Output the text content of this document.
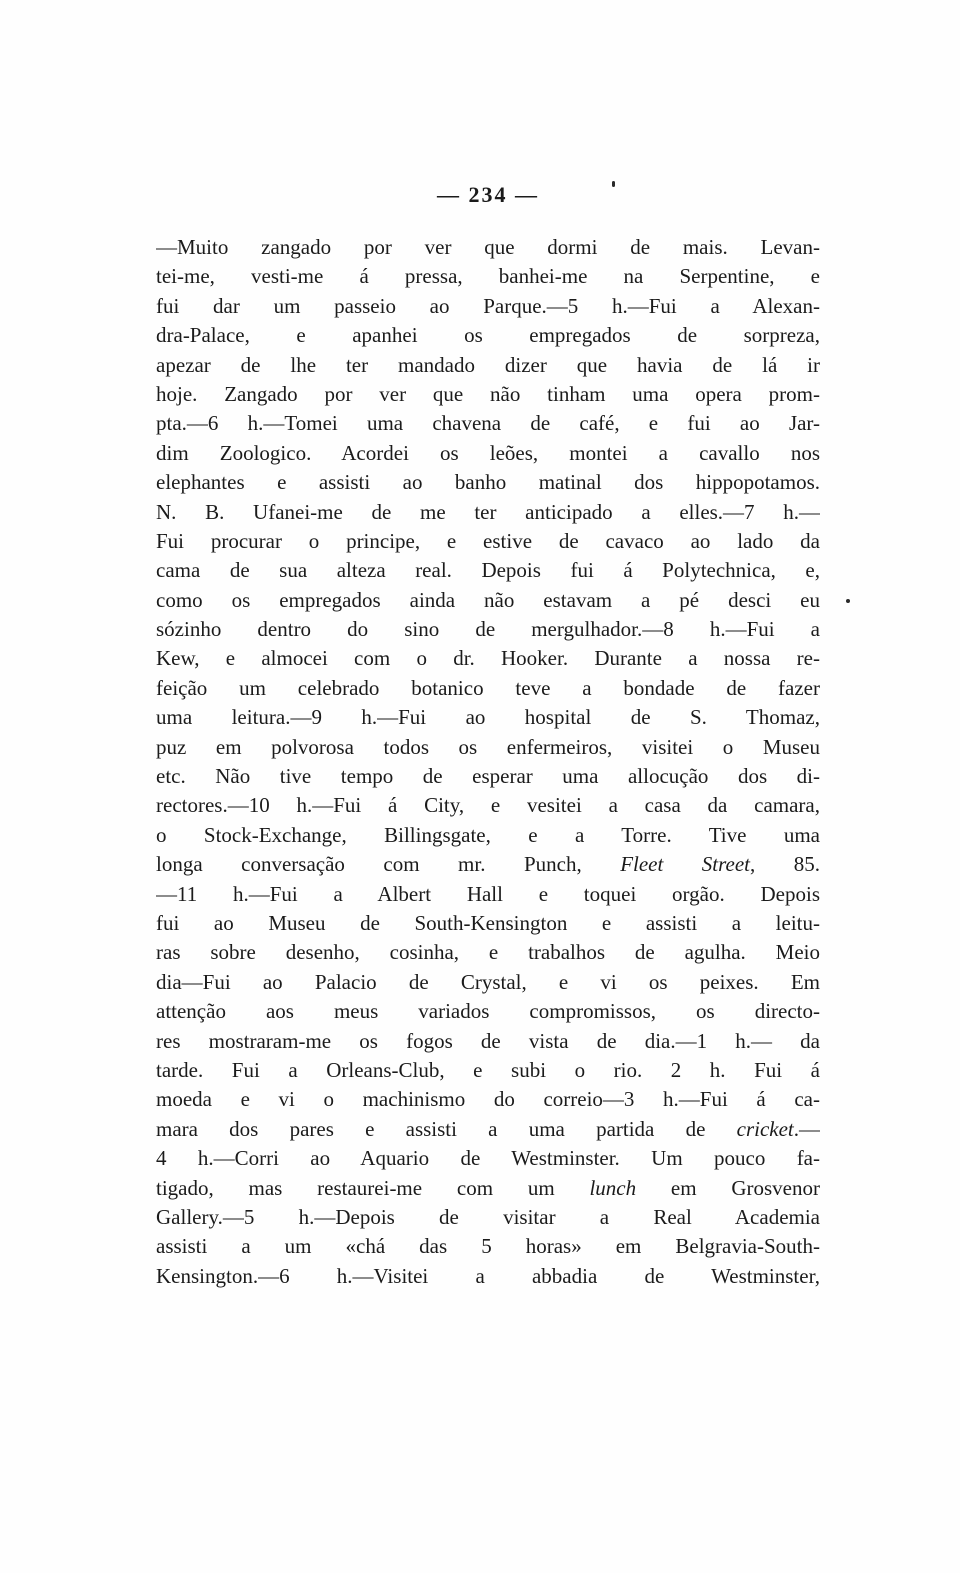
— 234 —
—Muito zangado por ver que dormi de mais. Levan-
tei-me, vesti-me á pressa, banhei-me na Serpentine, e
fui dar um passeio ao Parque.—5 h.—Fui a Alexan-
dra-Palace, e apanhei os empregados de sorpreza,
apezar de lhe ter mandado dizer que havia de lá ir
hoje. Zangado por ver que não tinham uma opera prom-
pta.—6 h.—Tomei uma chavena de café, e fui ao Jar-
dim Zoologico. Acordei os leões, montei a cavallo nos
elephantes e assisti ao banho matinal dos hippopotamos.
N. B. Ufanei-me de me ter anticipado a elles.—7 h.—
Fui procurar o principe, e estive de cavaco ao lado da
cama de sua alteza real. Depois fui á Polytechnica, e,
como os empregados ainda não estavam a pé desci eu
sózinho dentro do sino de mergulhador.—8 h.—Fui a
Kew, e almocei com o dr. Hooker. Durante a nossa re-
feição um celebrado botanico teve a bondade de fazer
uma leitura.—9 h.—Fui ao hospital de S. Thomaz,
puz em polvorosa todos os enfermeiros, visitei o Museu
etc. Não tive tempo de esperar uma allocução dos di-
rectores.—10 h.—Fui á City, e vesitei a casa da camara,
o Stock-Exchange, Billingsgate, e a Torre. Tive uma
longa conversação com mr. Punch, Fleet Street, 85.
—11 h.—Fui a Albert Hall e toquei orgão. Depois
fui ao Museu de South-Kensington e assisti a leitu-
ras sobre desenho, cosinha, e trabalhos de agulha. Meio
dia—Fui ao Palacio de Crystal, e vi os peixes. Em
attenção aos meus variados compromissos, os directo-
res mostraram-me os fogos de vista de dia.—1 h.— da
tarde. Fui a Orleans-Club, e subi o rio. 2 h. Fui á
moeda e vi o machinismo do correio—3 h.—Fui á ca-
mara dos pares e assisti a uma partida de cricket.—
4 h.—Corri ao Aquario de Westminster. Um pouco fa-
tigado, mas restaurei-me com um lunch em Grosvenor
Gallery.—5 h.—Depois de visitar a Real Academia
assisti a um «chá das 5 horas» em Belgravia-South-
Kensington.—6 h.—Visitei a abbadia de Westminster,
